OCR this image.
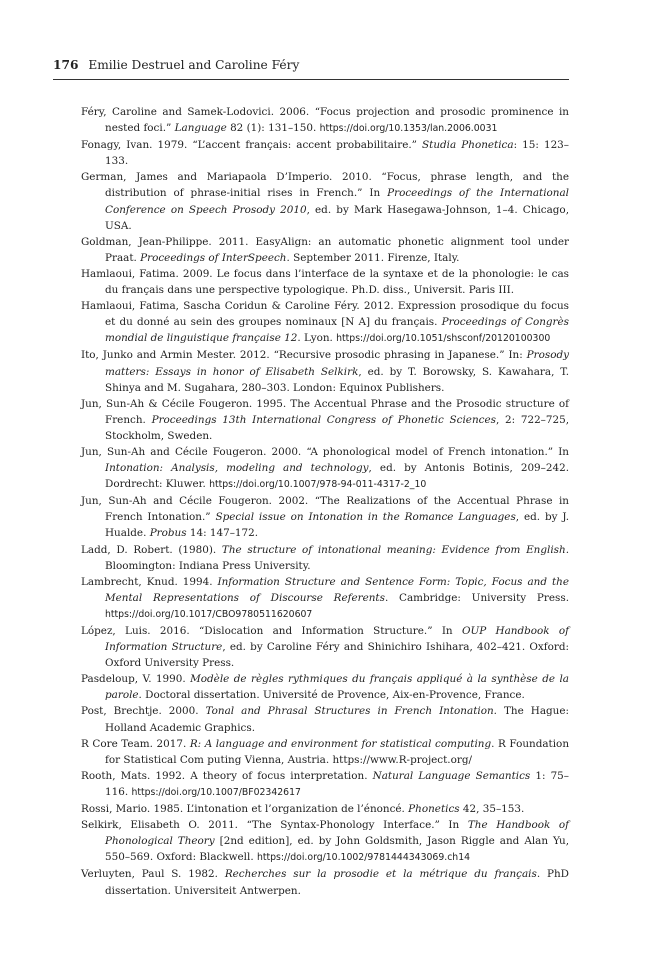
176 Emilie Destruel and Caroline Féry
Féry, Caroline and Samek-Lodovici. 2006. “Focus projection and prosodic prominence in nested foci.” Language 82 (1): 131–150. https://doi.org/10.1353/lan.2006.0031
Fonagy, Ivan. 1979. “L’accent français: accent probabilitaire.” Studia Phonetica: 15: 123–133.
German, James and Mariapaola D’Imperio. 2010. “Focus, phrase length, and the distribution of phrase-initial rises in French.” In Proceedings of the International Conference on Speech Prosody 2010, ed. by Mark Hasegawa-Johnson, 1–4. Chicago, USA.
Goldman, Jean-Philippe. 2011. EasyAlign: an automatic phonetic alignment tool under Praat. Proceedings of InterSpeech. September 2011. Firenze, Italy.
Hamlaoui, Fatima. 2009. Le focus dans l’interface de la syntaxe et de la phonologie: le cas du français dans une perspective typologique. Ph.D. diss., Universit. Paris III.
Hamlaoui, Fatima, Sascha Coridun & Caroline Féry. 2012. Expression prosodique du focus et du donné au sein des groupes nominaux [N A] du français. Proceedings of Congrès mondial de linguistique française 12. Lyon. https://doi.org/10.1051/shsconf/20120100300
Ito, Junko and Armin Mester. 2012. “Recursive prosodic phrasing in Japanese.” In: Prosody matters: Essays in honor of Elisabeth Selkirk, ed. by T. Borowsky, S. Kawahara, T. Shinya and M. Sugahara, 280–303. London: Equinox Publishers.
Jun, Sun-Ah & Cécile Fougeron. 1995. The Accentual Phrase and the Prosodic structure of French. Proceedings 13th International Congress of Phonetic Sciences, 2: 722–725, Stockholm, Sweden.
Jun, Sun-Ah and Cécile Fougeron. 2000. “A phonological model of French intonation.” In Intonation: Analysis, modeling and technology, ed. by Antonis Botinis, 209–242. Dordrecht: Kluwer. https://doi.org/10.1007/978-94-011-4317-2_10
Jun, Sun-Ah and Cécile Fougeron. 2002. “The Realizations of the Accentual Phrase in French Intonation.” Special issue on Intonation in the Romance Languages, ed. by J. Hualde. Probus 14: 147–172.
Ladd, D. Robert. (1980). The structure of intonational meaning: Evidence from English. Bloomington: Indiana Press University.
Lambrecht, Knud. 1994. Information Structure and Sentence Form: Topic, Focus and the Mental Representations of Discourse Referents. Cambridge: University Press. https://doi.org/10.1017/CBO9780511620607
López, Luis. 2016. “Dislocation and Information Structure.” In OUP Handbook of Information Structure, ed. by Caroline Féry and Shinichiro Ishihara, 402–421. Oxford: Oxford University Press.
Pasdeloup, V. 1990. Modèle de règles rythmiques du français appliqué à la synthèse de la parole. Doctoral dissertation. Université de Provence, Aix-en-Provence, France.
Post, Brechtje. 2000. Tonal and Phrasal Structures in French Intonation. The Hague: Holland Academic Graphics.
R Core Team. 2017. R: A language and environment for statistical computing. R Foundation for Statistical Com puting Vienna, Austria. https://www.R-project.org/
Rooth, Mats. 1992. A theory of focus interpretation. Natural Language Semantics 1: 75–116. https://doi.org/10.1007/BF02342617
Rossi, Mario. 1985. L’intonation et l’organization de l’énoncé. Phonetics 42, 35–153.
Selkirk, Elisabeth O. 2011. “The Syntax-Phonology Interface.” In The Handbook of Phonological Theory [2nd edition], ed. by John Goldsmith, Jason Riggle and Alan Yu, 550–569. Oxford: Blackwell. https://doi.org/10.1002/9781444343069.ch14
Verluyten, Paul S. 1982. Recherches sur la prosodie et la métrique du français. PhD dissertation. Universiteit Antwerpen.
